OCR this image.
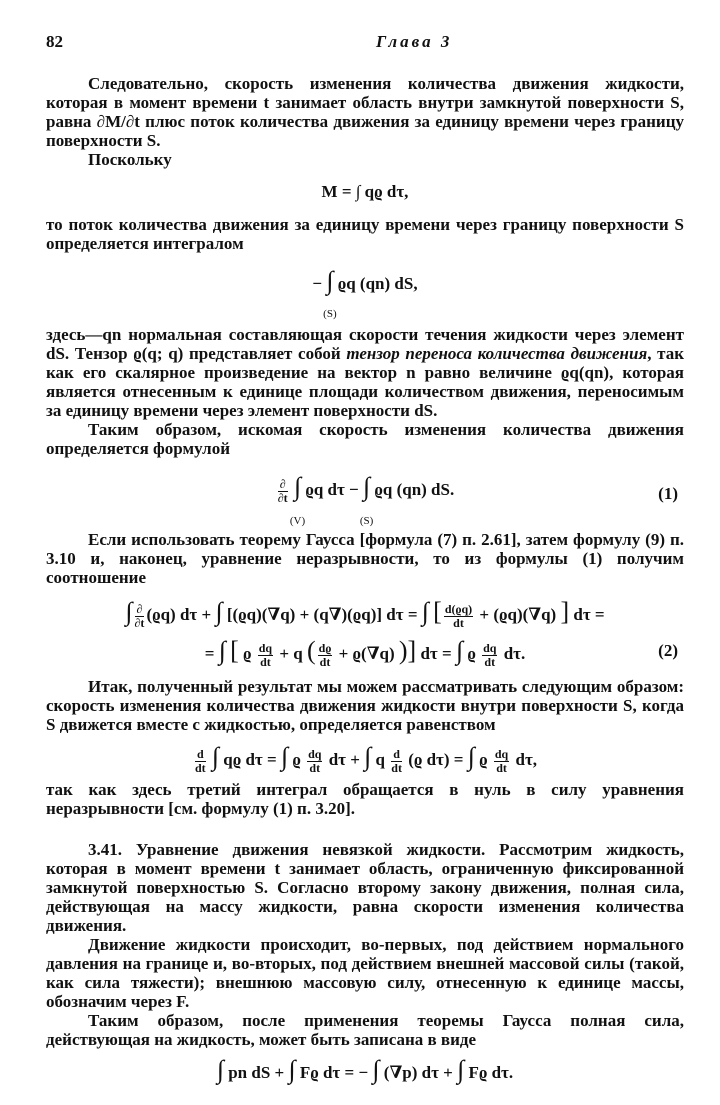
82	Глава 3

Следовательно, скорость изменения количества движения жидкости, которая в момент времени t занимает область внутри замкнутой поверхности S, равна ∂M/∂t плюс поток количества движения за единицу времени через границу поверхности S.

Поскольку

M = ∫ qϱ dτ,

то поток количества движения за единицу времени через границу поверхности S определяется интегралом

− ∫
(S)
ϱq (qn) dS,

здесь—qn нормальная составляющая скорости течения жидкости через элемент dS. Тензор ϱ(q; q) представляет собой тензор переноса количества движения, так как его скалярное произведение на вектор n равно величине ϱq(qn), которая является отнесенным к единице площади количеством движения, переносимым за единицу времени через элемент поверхности dS.

Таким образом, искомая скорость изменения количества движения определяется формулой

$\frac{\partial}{\partial t}$ ∫
(V)
ϱq dτ − ∫
(S)
ϱq (qn) dS.	(1)

Если использовать теорему Гаусса [формула (7) п. 2.61], затем формулу (9) п. 3.10 и, наконец, уравнение неразрывности, то из формулы (1) получим соотношение

∫ $\frac{\partial}{\partial t} (ϱq) d\tau$ + ∫ [(ϱq)(∇q) + (q∇)(ϱq)] dτ = ∫ [ $\frac{d(ϱq)}{dt} + (ϱq)(\nabla q)$ ] dτ =
= ∫ [ ϱ $\frac{dq}{dt} + q$ ( $\frac{dϱ}{dt} + ϱ(\nabla q)$ )] dτ = ∫ ϱ $\frac{dq}{dt} d\tau$.	(2)

Итак, полученный результат мы можем рассматривать следующим образом: скорость изменения количества движения жидкости внутри поверхности S, когда S движется вместе с жидкостью, определяется равенством

$\frac{d}{dt}$ ∫ qϱ dτ = ∫ ϱ $\frac{dq}{dt}$ dτ + ∫ q $\frac{d}{dt} (ϱ$ dτ) = ∫ ϱ $\frac{dq}{dt} d\tau$,

так как здесь третий интеграл обращается в нуль в силу уравнения неразрывности [см. формулу (1) п. 3.20].

3.41. Уравнение движения невязкой жидкости. Рассмотрим жидкость, которая в момент времени t занимает область, ограниченную фиксированной замкнутой поверхностью S. Согласно второму закону движения, полная сила, действующая на массу жидкости, равна скорости изменения количества движения.

Движение жидкости происходит, во-первых, под действием нормального давления на границе и, во-вторых, под действием внешней массовой силы (такой, как сила тяжести); внешнюю массовую силу, отнесенную к единице массы, обозначим через F.

Таким образом, после применения теоремы Гаусса полная сила, действующая на жидкость, может быть записана в виде

∫ pn dS + ∫ Fϱ dτ = − ∫ (∇p) dτ + ∫ Fϱ dτ.
